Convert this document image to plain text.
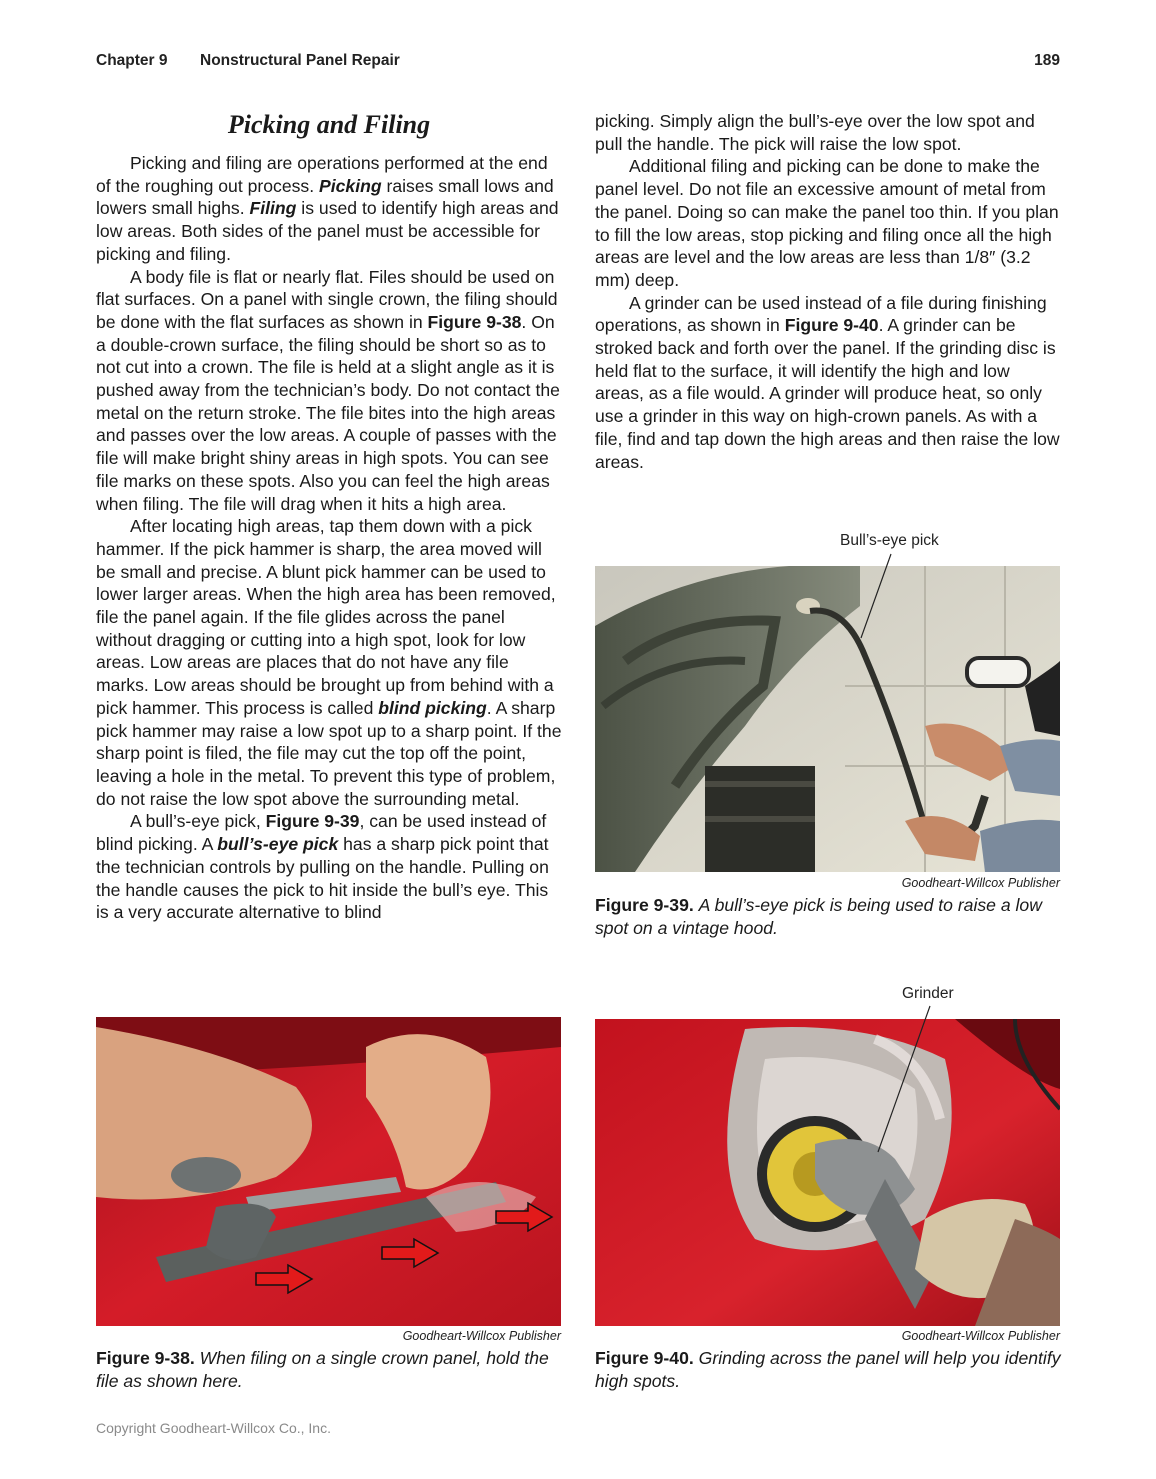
Chapter 9 Nonstructural Panel Repair	189
Picking and Filing

Picking and filing are operations performed at the end of the roughing out process. Picking raises small lows and lowers small highs. Filing is used to identify high areas and low areas. Both sides of the panel must be accessible for picking and filing.

A body file is flat or nearly flat. Files should be used on flat surfaces. On a panel with single crown, the filing should be done with the flat surfaces as shown in Figure 9-38. On a double-crown surface, the filing should be short so as to not cut into a crown. The file is held at a slight angle as it is pushed away from the technician’s body. Do not contact the metal on the return stroke. The file bites into the high areas and passes over the low areas. A couple of passes with the file will make bright shiny areas in high spots. You can see file marks on these spots. Also you can feel the high areas when filing. The file will drag when it hits a high area.

After locating high areas, tap them down with a pick hammer. If the pick hammer is sharp, the area moved will be small and precise. A blunt pick hammer can be used to lower larger areas. When the high area has been removed, file the panel again. If the file glides across the panel without dragging or cutting into a high spot, look for low areas. Low areas are places that do not have any file marks. Low areas should be brought up from behind with a pick hammer. This process is called blind picking. A sharp pick hammer may raise a low spot up to a sharp point. If the sharp point is filed, the file may cut the top off the point, leaving a hole in the metal. To prevent this type of problem, do not raise the low spot above the surrounding metal.

A bull’s-eye pick, Figure 9-39, can be used instead of blind picking. A bull’s-eye pick has a sharp pick point that the technician controls by pulling on the handle. Pulling on the handle causes the pick to hit inside the bull’s eye. This is a very accurate alternative to blind

picking. Simply align the bull’s-eye over the low spot and pull the handle. The pick will raise the low spot.

Additional filing and picking can be done to make the panel level. Do not file an excessive amount of metal from the panel. Doing so can make the panel too thin. If you plan to fill the low areas, stop picking and filing once all the high areas are level and the low areas are less than 1/8″ (3.2 mm) deep.

A grinder can be used instead of a file during finishing operations, as shown in Figure 9-40. A grinder can be stroked back and forth over the panel. If the grinding disc is held flat to the surface, it will identify the high and low areas, as a file would. A grinder will produce heat, so only use a grinder in this way on high-crown panels. As with a file, find and tap down the high areas and then raise the low areas.

Bull’s-eye pick
Goodheart-Willcox Publisher
Figure 9-39. A bull’s-eye pick is being used to raise a low spot on a vintage hood.
Goodheart-Willcox Publisher
Figure 9-38. When filing on a single crown panel, hold the file as shown here.
Grinder
Goodheart-Willcox Publisher
Figure 9-40. Grinding across the panel will help you identify high spots.
Copyright Goodheart-Willcox Co., Inc.
